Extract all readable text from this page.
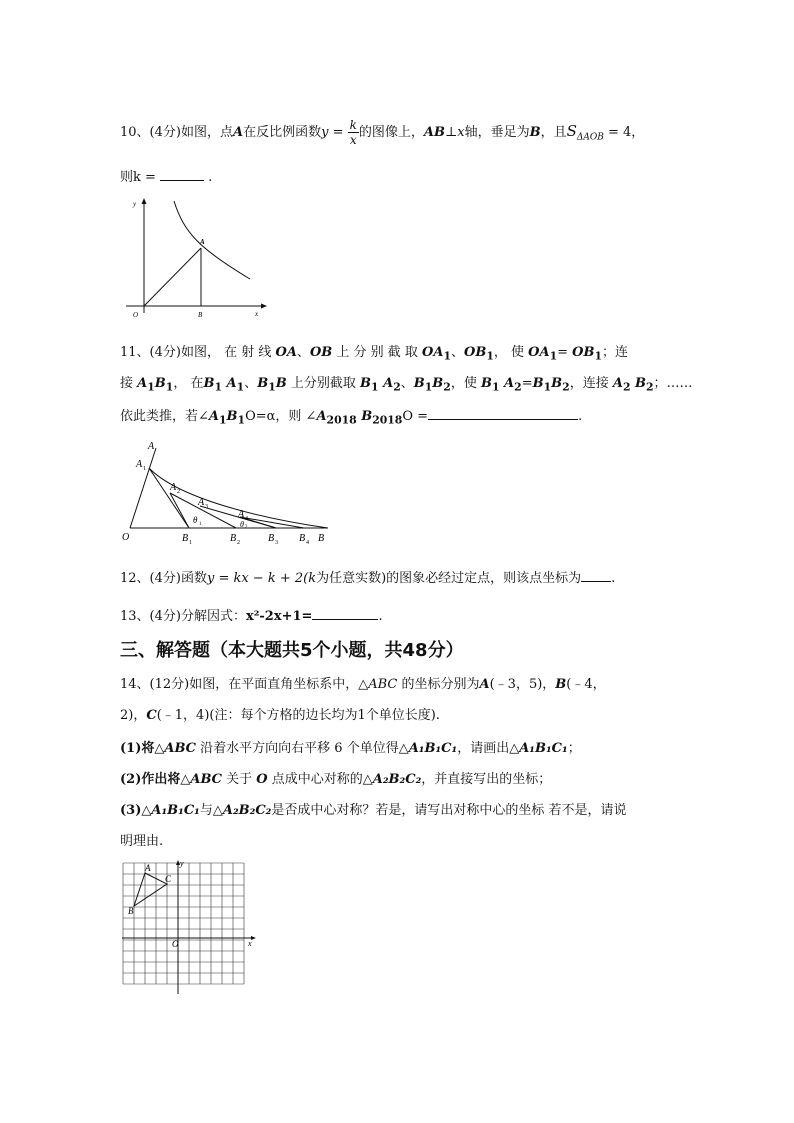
10、(4分)如图，点A在反比例函数$y = \frac{k}{x}$ 的图像上，AB⊥x轴，垂足为B，且$S_{\Delta AOB} = 4$，
则k =	.
y
A
O	B	x
11、(4分)如图， 在 射 线 OA、OB 上 分 别 截 取 $OA_1$、$OB_1$， 使 $OA_1= OB_1$；连
接 $A_1B_1$， 在$B_1$ $A_1$、$B_1B$ 上分别截取 $B_1$ $A_2$、$B_1B_2$，使 $B_1$ $A_2=B_1B_2$，连接 $A_2$ $B_2$；……
依此类推，若$\angle A_1B_1O=\alpha$，则 $\angle A_{2018}$ $B_{2018}O$ =	.
A
A 1
A 2
A 3
A 4
θ 1	θ 2
O	B 1	B 2	B 3 B 4 B
12、(4分)函数y = kx − k + 2(k为任意实数)的图象必经过定点，则该点坐标为 .
13、(4分)分解因式：x²-2x+1=	.
三、解答题（本大题共5个小题，共48分）
14、(12分)如图，在平面直角坐标系中，△ABC 的坐标分别为A(﹣3，5)，B(﹣4，
2)，C(﹣1，4)(注：每个方格的边长均为1个单位长度).
(1)将△ABC 沿着水平方向向右平移 6 个单位得△A₁B₁C₁，请画出△A₁B₁C₁；
(2)作出将△ABC 关于 O 点成中心对称的△A₂B₂C₂，并直接写出的坐标；
(3)△A₁B₁C₁与△A₂B₂C₂是否成中心对称？若是，请写出对称中心的坐标 若不是，请说
明理由.
A
B
C
O	x
y
